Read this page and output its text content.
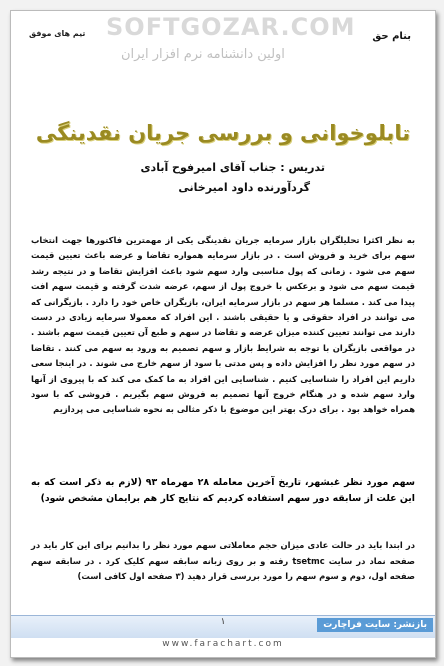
SOFTGOZAR.COM
اولین دانشنامه نرم افزار ایران
تیم های موفق	بنام حق
تابلوخوانی و بررسی جریان نقدینگی
تدریس : جناب آقای امیرفوح آبادی
گردآورنده داود امیرخانی
به نظر اکثرا تحلیلگران بازار سرمایه جریان نقدینگی یکی از مهمترین فاکتورها جهت انتخاب سهم برای خرید و فروش است . در بازار سرمایه همواره تقاضا و عرضه باعث تعیین قیمت سهم می شود . زمانی که پول مناسبی وارد سهم شود باعث افزایش تقاضا و در نتیجه رشد قیمت سهم می شود و برعکس با خروج پول از سهم، عرضه شدت گرفته و قیمت سهم افت پیدا می کند . مسلما هر سهم در بازار سرمایه ایران، بازیگران خاص خود را دارد . بازیگرانی که می توانند در افراد حقوقی و یا حقیقی باشند . این افراد که معمولا سرمایه زیادی در دست دارند می توانند تعیین کننده میزان عرضه و تقاضا در سهم و طبع آن تعیین قیمت سهم باشند . در مواقعی بازیگران با توجه به شرایط بازار و سهم تصمیم به ورود به سهم می کنند . تقاضا در سهم مورد نظر را افزایش داده و پس مدتی با سود از سهم خارج می شوند . در اینجا سعی داریم این افراد را شناسایی کنیم . شناسایی این افراد به ما کمک می کند که با پیروی از آنها وارد سهم شده و در هنگام خروج آنها تصمیم به فروش سهم بگیریم . فروشی که با سود همراه خواهد بود . برای درک بهتر این موضوع با ذکر مثالی به نحوه شناسایی می پردازیم
سهم مورد نظر غبشهر، تاریخ آخرین معامله ۲۸ مهرماه ۹۳ (لازم به ذکر است که به این علت از سابقه دور سهم استفاده کردیم که نتایج کار هم برایمان مشخص شود)
در ابتدا باید در حالت عادی میزان حجم معاملاتی سهم مورد نظر را بدانیم برای این کار باید در صفحه نماد در سایت tsetmc رفته و بر روی زبانه سابقه سهم کلیک کرد . در سابقه سهم صفحه اول، دوم و سوم سهم را مورد بررسی قرار دهید (۳ صفحه اول کافی است)
بازنشر: سایت فراچارت
۱
www.farachart.com
